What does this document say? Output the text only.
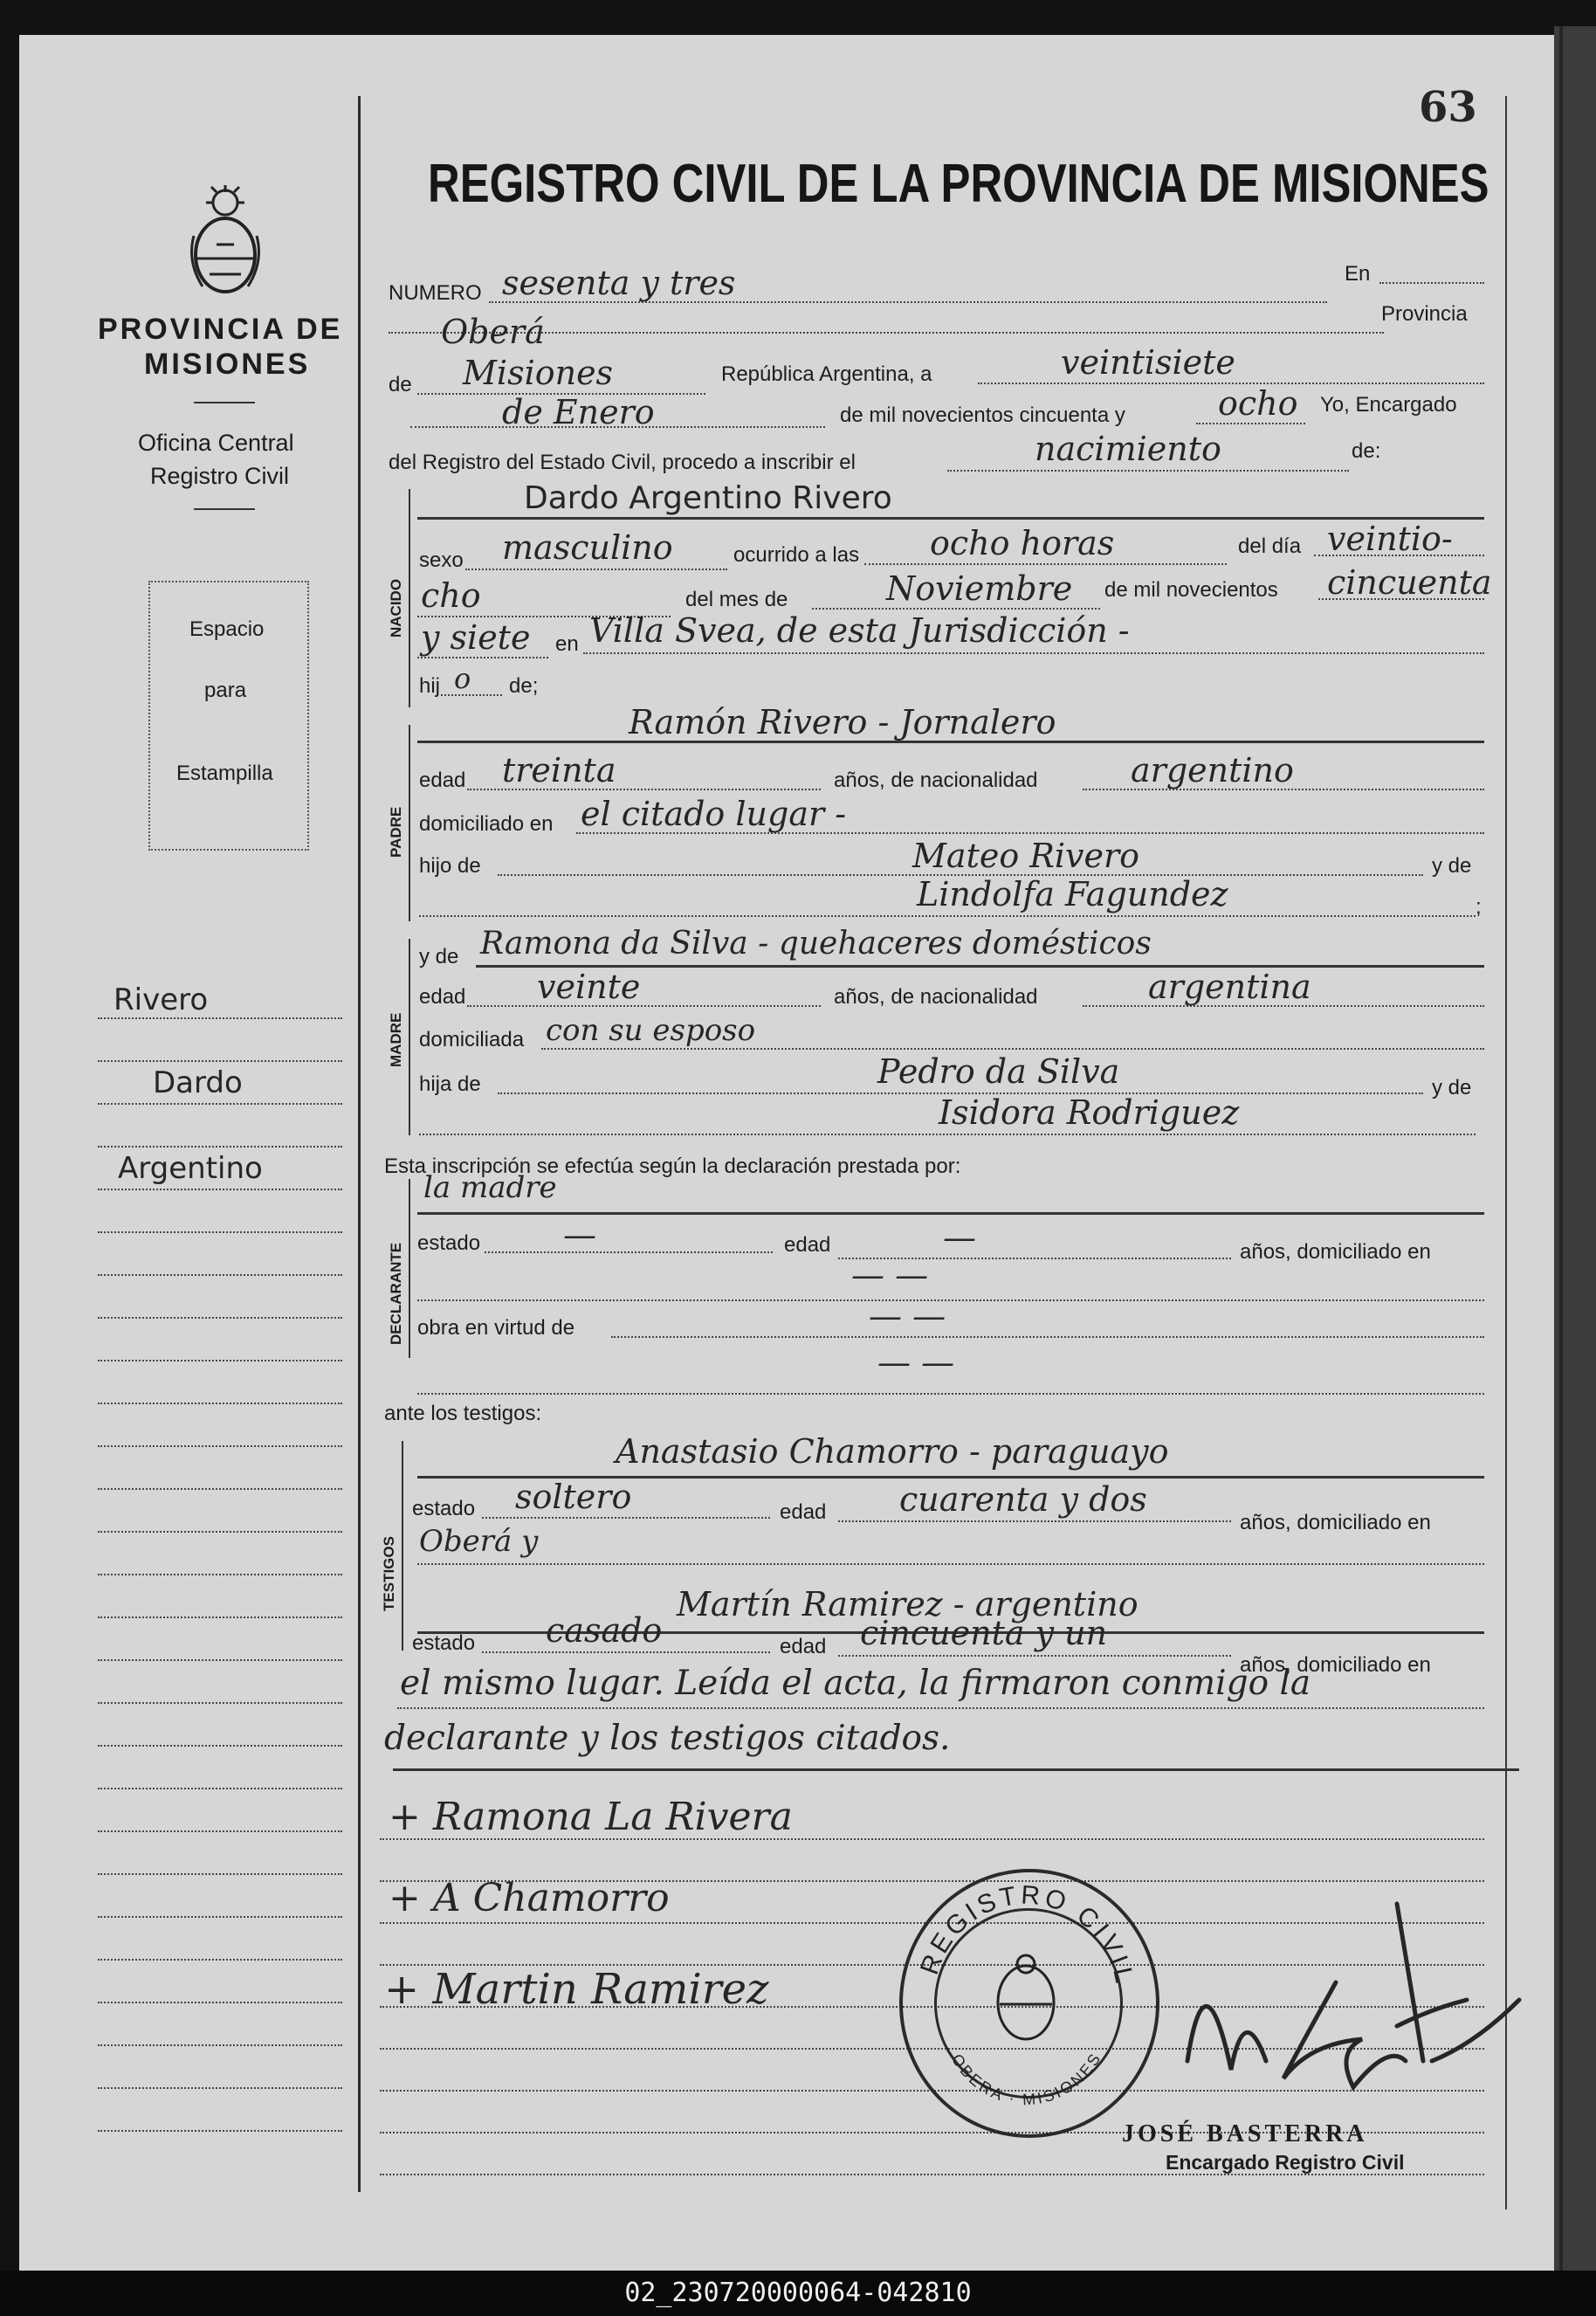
63
REGISTRO CIVIL DE LA PROVINCIA DE MISIONES
PROVINCIA DE
MISIONES
Oficina Central
Registro Civil
Espacio
para
Estampilla
Rivero
Dardo
Argentino
NUMERO sesenta y tres	En
Oberá	Provincia
de Misiones	República Argentina, a	veintisiete
de Enero	de mil novecientos cincuenta y	ocho Yo, Encargado
del Registro del Estado Civil, procedo a inscribir el	nacimiento	de:
NACIDO
Dardo Argentino Rivero
sexo masculino	ocurrido a las ocho horas	del día veintio-
cho	del mes de	Noviembre de mil novecientos cincuenta
y siete en Villa Svea, de esta Jurisdicción -
hij o de;
PADRE
Ramón Rivero - Jornalero
edad treinta	años, de nacionalidad	argentino
domiciliado en el citado lugar -
hijo de	Mateo Rivero	y de
Lindolfa Fagundez	;
MADRE
y de Ramona da Silva - quehaceres domésticos
edad veinte	años, de nacionalidad	argentina
domiciliada con su esposo
hija de	Pedro da Silva	y de
Isidora Rodriguez
Esta inscripción se efectúa según la declaración prestada por:
DECLARANTE
la madre
estado —	edad	—	años, domiciliado en
— —
obra en virtud de	— —
— —
ante los testigos:
TESTIGOS
Anastasio Chamorro - paraguayo
estado soltero	edad cuarenta y dos
años, domiciliado en
Oberá y
Martín Ramirez - argentino
estado casado	edad cincuenta y un
años, domiciliado en
el mismo lugar. Leída el acta, la firmaron conmigo la
declarante y los testigos citados.
+ Ramona La Rivera
+ A Chamorro
+ Martin Ramirez
REGISTRO CIVIL
OBERA · MISIONES
JOSÉ BASTERRA
Encargado Registro Civil
02_230720000064-042810
